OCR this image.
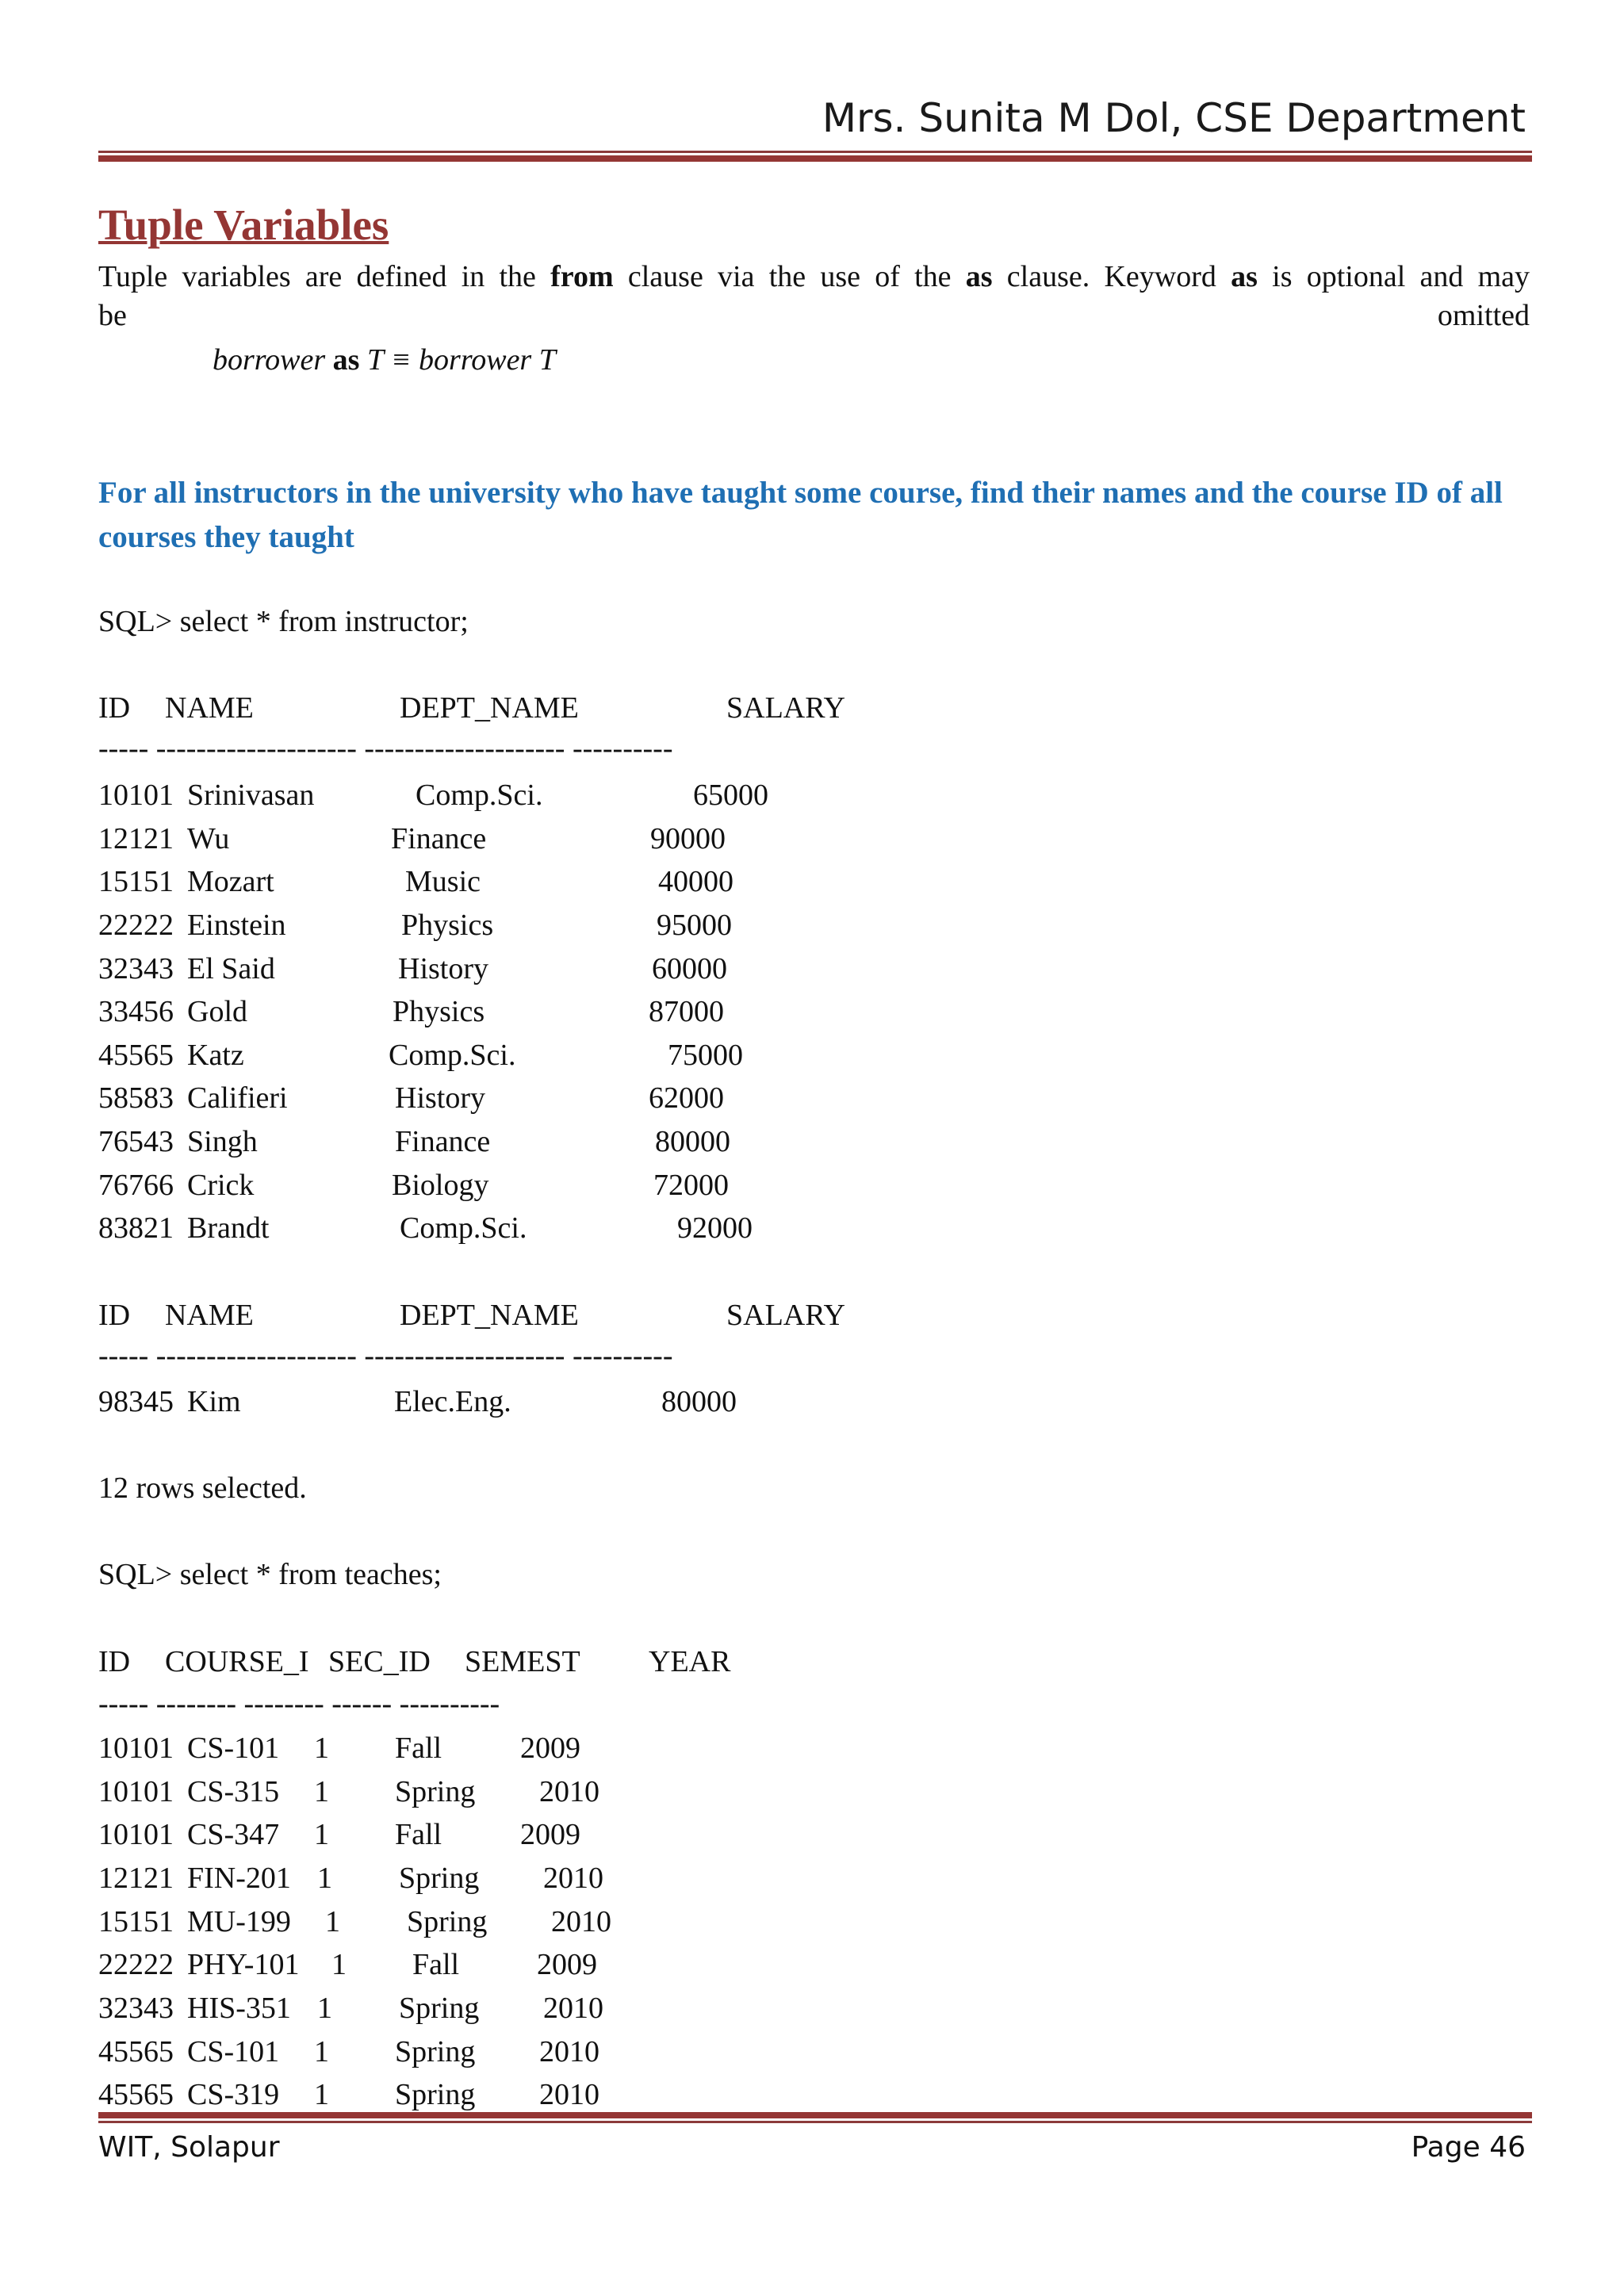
Mrs. Sunita M Dol, CSE Department

Tuple Variables

Tuple variables are defined in the from clause via the use of the as clause. Keyword as is optional and may

be	omitted

borrower as T ≡ borrower T

For all instructors in the university who have taught some course, find their names and the course ID of all courses they taught

SQL> select * from instructor;

ID NAME	DEPT_NAME	SALARY
----- -------------------- -------------------- ----------
10101 Srinivasan	Comp.Sci.	65000
12121 Wu	Finance	90000
15151 Mozart	Music	40000
22222 Einstein	Physics	95000
32343 El Said	History	60000
33456 Gold	Physics	87000
45565 Katz	Comp.Sci.	75000
58583 Califieri	History	62000
76543 Singh	Finance	80000
76766 Crick	Biology	72000
83821 Brandt	Comp.Sci.	92000
ID NAME	DEPT_NAME	SALARY
----- -------------------- -------------------- ----------
98345 Kim	Elec.Eng.	80000

12 rows selected.

SQL> select * from teaches;

ID COURSE_I SEC_ID SEMEST YEAR
----- -------- -------- ------ ----------
10101 CS-101 1 Fall	2009
10101 CS-315 1 Spring 2010
10101 CS-347 1 Fall	2009
12121 FIN-201 1 Spring 2010
15151 MU-199 1 Spring 2010
22222 PHY-101 1 Fall	2009
32343 HIS-351 1 Spring 2010
45565 CS-101 1 Spring 2010
45565 CS-319 1 Spring 2010

WIT, Solapur	Page 46
